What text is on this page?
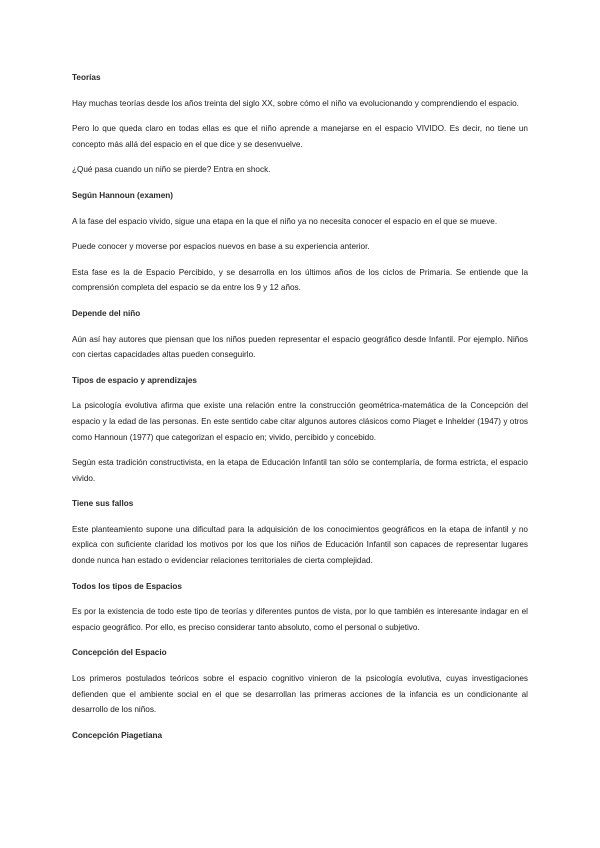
Teorías

Hay muchas teorías desde los años treinta del siglo XX, sobre cómo el niño va evolucionando y comprendiendo el espacio.

Pero lo que queda claro en todas ellas es que el niño aprende a manejarse en el espacio VIVIDO. Es decir, no tiene un concepto más allá del espacio en el que dice y se desenvuelve.

¿Qué pasa cuando un niño se pierde? Entra en shock.

Según Hannoun (examen)

A la fase del espacio vivido, sigue una etapa en la que el niño ya no necesita conocer el espacio en el que se mueve.

Puede conocer y moverse por espacios nuevos en base a su experiencia anterior.

Esta fase es la de Espacio Percibido, y se desarrolla en los últimos años de los ciclos de Primaria. Se entiende que la comprensión completa del espacio se da entre los 9 y 12 años.

Depende del niño

Aún así hay autores que piensan que los niños pueden representar el espacio geográfico desde Infantil. Por ejemplo. Niños con ciertas capacidades altas pueden conseguirlo.

Tipos de espacio y aprendizajes

La psicología evolutiva afirma que existe una relación entre la construcción geométrica-matemática de la Concepción del espacio y la edad de las personas. En este sentido cabe citar algunos autores clásicos como Piaget e Inhelder (1947) y otros como Hannoun (1977) que categorizan el espacio en; vivido, percibido y concebido.

Según esta tradición constructivista, en la etapa de Educación Infantil tan sólo se contemplaría, de forma estricta, el espacio vivido.

Tiene sus fallos

Este planteamiento supone una dificultad para la adquisición de los conocimientos geográficos en la etapa de infantil y no explica con suficiente claridad los motivos por los que los niños de Educación Infantil son capaces de representar lugares donde nunca han estado o evidenciar relaciones territoriales de cierta complejidad.

Todos los tipos de Espacios

Es por la existencia de todo este tipo de teorías y diferentes puntos de vista, por lo que también es interesante indagar en el espacio geográfico. Por ello, es preciso considerar tanto absoluto, como el personal o subjetivo.

Concepción del Espacio

Los primeros postulados teóricos sobre el espacio cognitivo vinieron de la psicología evolutiva, cuyas investigaciones defienden que el ambiente social en el que se desarrollan las primeras acciones de la infancia es un condicionante al desarrollo de los niños.

Concepción Piagetiana
